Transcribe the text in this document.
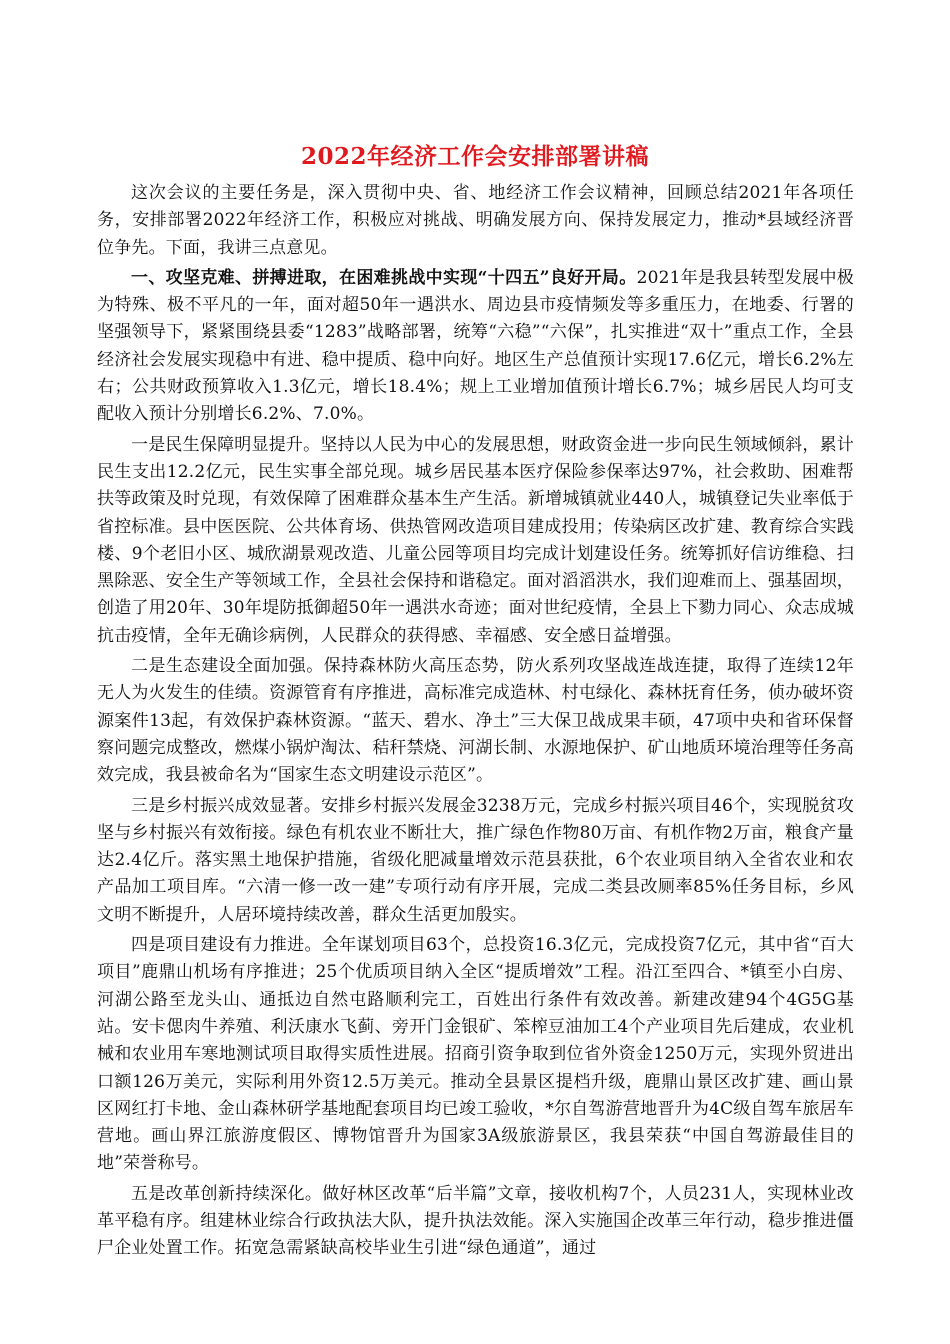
2022年经济工作会安排部署讲稿

这次会议的主要任务是，深入贯彻中央、省、地经济工作会议精神，回顾总结2021年各项任务，安排部署2022年经济工作，积极应对挑战、明确发展方向、保持发展定力，推动*县域经济晋位争先。下面，我讲三点意见。

一、攻坚克难、拼搏进取，在困难挑战中实现“十四五”良好开局。2021年是我县转型发展中极为特殊、极不平凡的一年，面对超50年一遇洪水、周边县市疫情频发等多重压力，在地委、行署的坚强领导下，紧紧围绕县委“1283”战略部署，统筹“六稳”“六保”，扎实推进“双十”重点工作，全县经济社会发展实现稳中有进、稳中提质、稳中向好。地区生产总值预计实现17.6亿元，增长6.2%左右；公共财政预算收入1.3亿元，增长18.4%；规上工业增加值预计增长6.7%；城乡居民人均可支配收入预计分别增长6.2%、7.0%。

一是民生保障明显提升。坚持以人民为中心的发展思想，财政资金进一步向民生领域倾斜，累计民生支出12.2亿元，民生实事全部兑现。城乡居民基本医疗保险参保率达97%，社会救助、困难帮扶等政策及时兑现，有效保障了困难群众基本生产生活。新增城镇就业440人，城镇登记失业率低于省控标准。县中医医院、公共体育场、供热管网改造项目建成投用；传染病区改扩建、教育综合实践楼、9个老旧小区、城欣湖景观改造、儿童公园等项目均完成计划建设任务。统筹抓好信访维稳、扫黑除恶、安全生产等领域工作，全县社会保持和谐稳定。面对滔滔洪水，我们迎难而上、强基固坝，创造了用20年、30年堤防抵御超50年一遇洪水奇迹；面对世纪疫情，全县上下勠力同心、众志成城抗击疫情，全年无确诊病例，人民群众的获得感、幸福感、安全感日益增强。

二是生态建设全面加强。保持森林防火高压态势，防火系列攻坚战连战连捷，取得了连续12年无人为火发生的佳绩。资源管育有序推进，高标准完成造林、村屯绿化、森林抚育任务，侦办破坏资源案件13起，有效保护森林资源。“蓝天、碧水、净土”三大保卫战成果丰硕，47项中央和省环保督察问题完成整改，燃煤小锅炉淘汰、秸秆禁烧、河湖长制、水源地保护、矿山地质环境治理等任务高效完成，我县被命名为“国家生态文明建设示范区”。

三是乡村振兴成效显著。安排乡村振兴发展金3238万元，完成乡村振兴项目46个，实现脱贫攻坚与乡村振兴有效衔接。绿色有机农业不断壮大，推广绿色作物80万亩、有机作物2万亩，粮食产量达2.4亿斤。落实黑土地保护措施，省级化肥减量增效示范县获批，6个农业项目纳入全省农业和农产品加工项目库。“六清一修一改一建”专项行动有序开展，完成二类县改厕率85%任务目标，乡风文明不断提升，人居环境持续改善，群众生活更加殷实。

四是项目建设有力推进。全年谋划项目63个，总投资16.3亿元，完成投资7亿元，其中省“百大项目”鹿鼎山机场有序推进；25个优质项目纳入全区“提质增效”工程。沿江至四合、*镇至小白房、河湖公路至龙头山、通抵边自然屯路顺利完工，百姓出行条件有效改善。新建改建94个4G5G基站。安卡偲肉牛养殖、利沃康水飞蓟、旁开门金银矿、笨榨豆油加工4个产业项目先后建成，农业机械和农业用车寒地测试项目取得实质性进展。招商引资争取到位省外资金1250万元，实现外贸进出口额126万美元，实际利用外资12.5万美元。推动全县景区提档升级，鹿鼎山景区改扩建、画山景区网红打卡地、金山森林研学基地配套项目均已竣工验收，*尔自驾游营地晋升为4C级自驾车旅居车营地。画山界江旅游度假区、博物馆晋升为国家3A级旅游景区，我县荣获“中国自驾游最佳目的地”荣誉称号。

五是改革创新持续深化。做好林区改革“后半篇”文章，接收机构7个，人员231人，实现林业改革平稳有序。组建林业综合行政执法大队，提升执法效能。深入实施国企改革三年行动，稳步推进僵尸企业处置工作。拓宽急需紧缺高校毕业生引进“绿色通道”，通过
